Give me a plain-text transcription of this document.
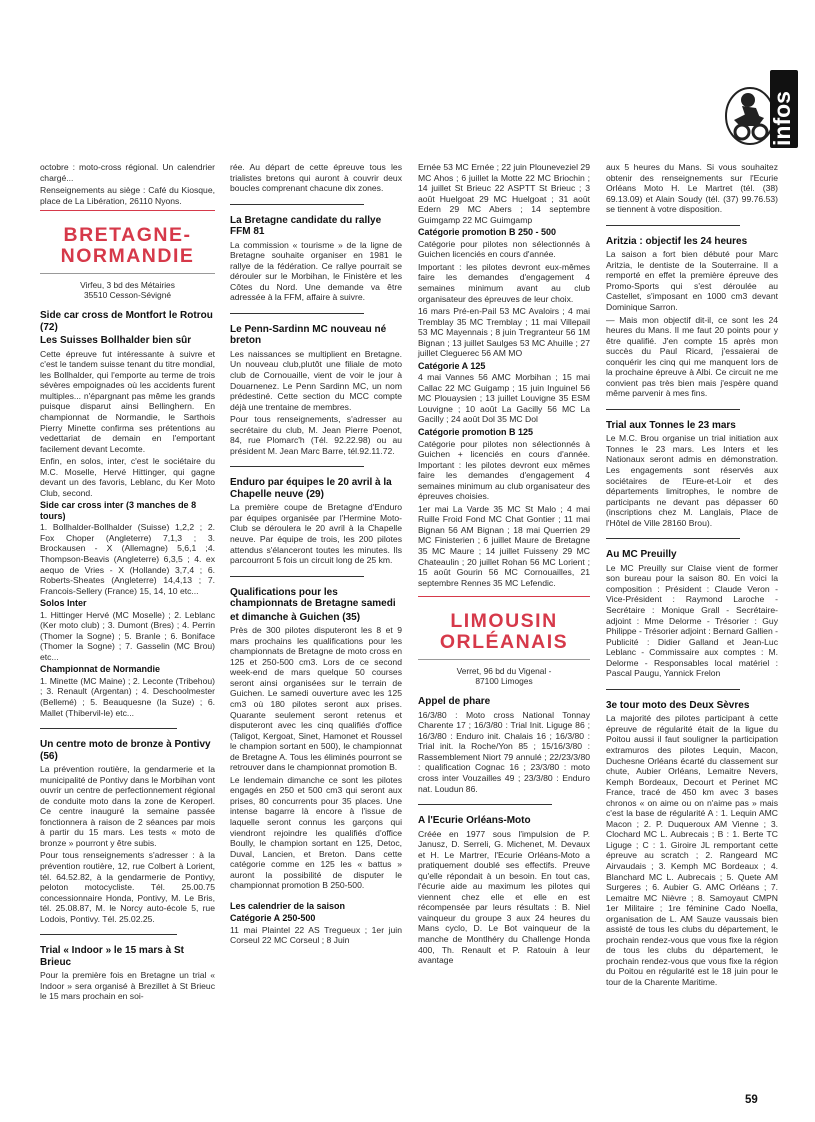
infos

octobre : moto-cross régional. Un calendrier chargé...

Renseignements au siège : Café du Kiosque, place de La Libération, 26110 Nyons.

BRETAGNE-
NORMANDIE
Virfeu, 3 bd des Métairies
35510 Cesson-Sévigné
Side car cross de Montfort le Rotrou (72)
Les Suisses Bollhalder bien sûr

Cette épreuve fut intéressante à suivre et c'est le tandem suisse tenant du titre mondial, les Bollhalder, qui l'emporte au terme de trois sévères empoignades où les accidents furent multiples... n'épargnant pas même les grands puisque disparut ainsi Bellinghern. En championnat de Normandie, le Sarthois Pierry Minette confirma ses prétentions au vedettariat de demain en l'emportant facilement devant Lecomte.

Enfin, en solos, inter, c'est le sociétaire du M.C. Moselle, Hervé Hittinger, qui gagne devant un des favoris, Leblanc, du Ker Moto Club, second.

Side car cross inter (3 manches de 8 tours)

1. Bollhalder-Bollhalder (Suisse) 1,2,2 ; 2. Fox Choper (Angleterre) 7,1,3 ; 3. Brockausen - X (Allemagne) 5,6,1 ;4. Thompson-Beavis (Angleterre) 6,3,5 ; 4. ex aequo de Vries - X (Hollande) 3,7,4 ; 6. Roberts-Sheates (Angleterre) 14,4,13 ; 7. Francois-Sellery (France) 15, 14, 10 etc...

Solos Inter

1. Hittinger Hervé (MC Moselle) ; 2. Leblanc (Ker moto club) ; 3. Dumont (Bres) ; 4. Perrin (Thomer la Sogne) ; 5. Branle ; 6. Boniface (Thomer la Sogne) ; 7. Gasselin (MC Brou) etc...

Championnat de Normandie

1. Minette (MC Maine) ; 2. Leconte (Tribehou) ; 3. Renault (Argentan) ; 4. Deschoolmester (Bellemé) ; 5. Beauquesne (la Suze) ; 6. Mallet (Thibervil-le) etc...

Un centre moto de bronze à Pontivy (56)

La prévention routière, la gendarmerie et la municipalité de Pontivy dans le Morbihan vont ouvrir un centre de perfectionnement régional de conduite moto dans la zone de Keroperl. Ce centre inauguré la semaine passée fonctionnera à raison de 2 séances par mois à partir du 15 mars. Les tests « moto de bronze » pourront y être subis.

Pour tous renseignements s'adresser : à la prévention routière, 12, rue Colbert à Lorient, tél. 64.52.82, à la gendarmerie de Pontivy, peloton motocycliste. Tél. 25.00.75 concessionnaire Honda, Pontivy, M. Le Bris, tél. 25.08.87, M. le Norcy auto-école 5, rue Lodois, Pontivy. Tél. 25.02.25.

Trial « Indoor » le 15 mars à St Brieuc

Pour la première fois en Bretagne un trial « Indoor » sera organisé à Brezillet à St Brieuc le 15 mars prochain en soi-

rée. Au départ de cette épreuve tous les trialistes bretons qui auront à couvrir deux boucles comprenant chacune dix zones.

La Bretagne candidate du rallye FFM 81

La commission « tourisme » de la ligne de Bretagne souhaite organiser en 1981 le rallye de la fédération. Ce rallye pourrait se dérouler sur le Morbihan, le Finistère et les Côtes du Nord. Une demande va être adressée à la FFM, affaire à suivre.

Le Penn-Sardinn MC nouveau né breton

Les naissances se multiplient en Bretagne. Un nouveau club,plutôt une filiale de moto club de Cornouaille, vient de voir le jour à Douarnenez. Le Penn Sardinn MC, un nom prédestiné. Cette section du MCC compte déjà une trentaine de membres.

Pour tous renseignements, s'adresser au secrétaire du club, M. Jean Pierre Poenot, 84, rue Plomarc'h (Tél. 92.22.98) ou au président M. Jean Marc Barre, tél.92.11.72.

Enduro par équipes le 20 avril à la Chapelle neuve (29)

La première coupe de Bretagne d'Enduro par équipes organisée par l'Hermine Moto-Club se déroulera le 20 avril à la Chapelle neuve. Par équipe de trois, les 200 pilotes attendus s'élanceront toutes les minutes. Ils parcourront 5 fois un circuit long de 25 km.

Qualifications pour les championnats de Bretagne samedi
et dimanche à Guichen (35)

Près de 300 pilotes disputeront les 8 et 9 mars prochains les qualifications pour les championnats de Bretagne de moto cross en 125 et 250-500 cm3. Lors de ce second week-end de mars quelque 50 courses seront ainsi organisées sur le terrain de Guichen. Le samedi ouverture avec les 125 cm3 où 180 pilotes seront aux prises. Quarante seulement seront retenus et disputeront avec les cinq qualifiés d'office (Taligot, Kergoat, Sinet, Hamonet et Roussel le champion sortant en 500), le championnat de Bretagne A. Tous les éliminés pourront se retrouver dans le championnat promotion B.

Le lendemain dimanche ce sont les pilotes engagés en 250 et 500 cm3 qui seront aux prises, 80 concurrents pour 35 places. Une intense bagarre là encore à l'issue de laquelle seront connus les garçons qui viendront rejoindre les qualifiés d'office Boully, le champion sortant en 125, Detoc, Duval, Lancien, et Breton. Dans cette catégorie comme en 125 les « battus » auront la possibilité de disputer le championnat promotion B 250-500.

Les calendrier de la saison
Catégorie A 250-500

11 mai Plaintel 22 AS Tregueux ; 1er juin Corseul 22 MC Corseul ; 8 Juin

Ernée 53 MC Ernée ; 22 juin Plouneveziel 29 MC Ahos ; 6 juillet la Motte 22 MC Briochin ; 14 juillet St Brieuc 22 ASPTT St Brieuc ; 3 août Huelgoat 29 MC Huelgoat ; 31 août Edern 29 MC Abers ; 14 septembre Guimgamp 22 MC Guimgamp

Catégorie promotion B 250 - 500

Catégorie pour pilotes non sélectionnés à Guichen licenciés en cours d'année.

Important : les pilotes devront eux-mêmes faire les demandes d'engagement 4 semaines minimum avant au club organisateur des épreuves de leur choix.

16 mars Pré-en-Pail 53 MC Avaloirs ; 4 mai Tremblay 35 MC Tremblay ; 11 mai Villepail 53 MC Mayennais ; 8 juin Tregranteur 56 1M Bignan ; 13 juillet Saulges 53 MC Ahuille ; 27 juillet Cleguerec 56 AM MO

Catégorie A 125

4 mai Vannes 56 AMC Morbihan ; 15 mai Callac 22 MC Guigamp ; 15 juin Inguinel 56 MC Plouaysien ; 13 juillet Louvigne 35 ESM Louvigne ; 10 août La Gacilly 56 MC La Gacilly ; 24 août Dol 35 MC Dol

Catégorie promotion B 125

Catégorie pour pilotes non sélectionnés à Guichen + licenciés en cours d'année. Important : les pilotes devront eux mêmes faire les demandes d'engagement 4 semaines minimum au club organisateur des épreuves choisies.

1er mai La Varde 35 MC St Malo ; 4 mai Ruille Froid Fond MC Chat Gontier ; 11 mai Bignan 56 AM Bignan ; 18 mai Querrien 29 MC Finisterien ; 6 juillet Maure de Bretagne 35 MC Maure ; 14 juillet Fuisseny 29 MC Chateaulin ; 20 juillet Rohan 56 MC Lorient ; 15 août Gourin 56 MC Cornouailles, 21 septembre Rennes 35 MC Lefendic.

LIMOUSIN
ORLÉANAIS
Verret, 96 bd du Vigenal -
87100 Limoges
Appel de phare

16/3/80 : Moto cross National Tonnay Charente 17 ; 16/3/80 : Trial Init. Liguge 86 ; 16/3/80 : Enduro init. Chalais 16 ; 16/3/80 : Trial init. la Roche/Yon 85 ; 15/16/3/80 : Rassemblement Niort 79 annulé ; 22/23/3/80 : qualification Cognac 16 ; 23/3/80 : moto cross inter Vouzailles 49 ; 23/3/80 : Enduro nat. Loudun 86.

A l'Ecurie Orléans-Moto

Créée en 1977 sous l'impulsion de P. Janusz, D. Serreli, G. Michenet, M. Devaux et H. Le Martrer, l'Ecurie Orléans-Moto a pratiquement doublé ses effectifs. Preuve qu'elle répondait à un besoin. En tout cas, l'écurie aide au maximum les pilotes qui viennent chez elle et elle en est récompensée par leurs résultats : B. Niel vainqueur du groupe 3 aux 24 heures du Mans cyclo, D. Le Bot vainqueur de la manche de Montlhéry du Challenge Honda 400, Th. Renault et P. Ratouin à leur avantage

aux 5 heures du Mans. Si vous souhaitez obtenir des renseignements sur l'Ecurie Orléans Moto H. Le Martret (tél. (38) 69.13.09) et Alain Soudy (tél. (37) 99.76.53) se tiennent à votre disposition.

Aritzia : objectif les 24 heures

La saison a fort bien débuté pour Marc Aritzia, le dentiste de la Souterraine. Il a remporté en effet la première épreuve des Promo-Sports qui s'est déroulée au Castellet, s'imposant en 1000 cm3 devant Dominique Sarron.

— Mais mon objectif dit-il, ce sont les 24 heures du Mans. Il me faut 20 points pour y être qualifié. J'en compte 15 après mon succès du Paul Ricard, j'essaierai de conquérir les cinq qui me manquent lors de la prochaine épreuve à Albi. Ce circuit ne me convient pas très bien mais j'espère quand même parvenir à mes fins.

Trial aux Tonnes le 23 mars

Le M.C. Brou organise un trial initiation aux Tonnes le 23 mars. Les Inters et les Nationaux seront admis en démonstration. Les engagements sont réservés aux sociétaires de l'Eure-et-Loir et des départements limitrophes, le nombre de participants ne devant pas dépasser 60 (inscriptions chez M. Langlais, Place de l'Hôtel de Ville 28160 Brou).

Au MC Preuilly

Le MC Preuilly sur Claise vient de former son bureau pour la saison 80. En voici la composition : Président : Claude Veron - Vice-Président : Raymond Laroche - Secrétaire : Monique Grall - Secrétaire-adjoint : Mme Delorme - Trésorier : Guy Philippe - Trésorier adjoint : Bernard Gallien - Publicité : Didier Galland et Jean-Luc Leblanc - Commissaire aux comptes : M. Delorme - Responsables local matériel : Pascal Paugu, Yannick Frelon

3e tour moto des Deux Sèvres

La majorité des pilotes participant à cette épreuve de régularité était de la ligue du Poitou aussi il faut souligner la participation extramuros des pilotes Lequin, Macon, Duchesne Orléans écarté du classement sur chute, Aubier Orléans, Lemaitre Nevers, Kemph Bordeaux, Decourt et Perinet MC France, tracé de 450 km avec 3 bases chronos « on aime ou on n'aime pas » mais c'est la base de régularité A : 1. Lequin AMC Macon ; 2. P. Duqueroux AM Vienne ; 3. Clochard MC L. Aubrecais ; B : 1. Berte TC Liguge ; C : 1. Giroire JL remportant cette épreuve au scratch ; 2. Rangeard MC Airvaudais ; 3. Kemph MC Bordeaux ; 4. Blanchard MC L. Aubrecais ; 5. Quete AM Surgeres ; 6. Aubier G. AMC Orléans ; 7. Lemaitre MC Nièvre ; 8. Samoyaut CMPN 1er Militaire ; 1re féminine Cado Noella, organisation de L. AM Sauze vaussais bien assisté de tous les clubs du département, le prochain rendez-vous que vous fixe la région de tous les clubs du département, le prochain rendez-vous que vous fixe la région du Poitou en régularité est le 18 juin pour le tour de la Charente Maritime.

59
